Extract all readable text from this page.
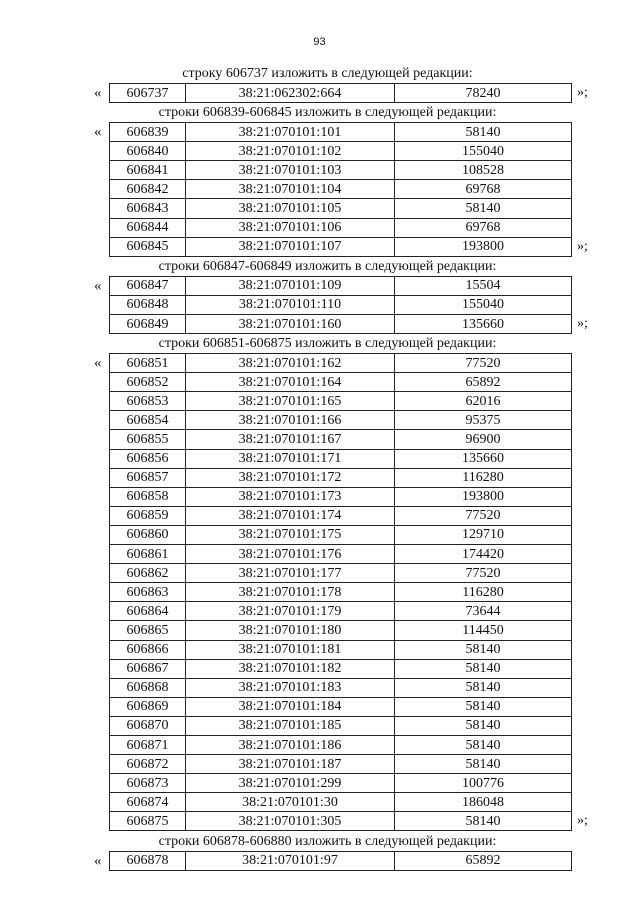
93
строку 606737 изложить в следующей редакции:
« 606737	38:21:062302:664	78240	»;
строки 606839-606845 изложить в следующей редакции:
« 606839	38:21:070101:101	58140
606840	38:21:070101:102	155040
606841	38:21:070101:103	108528
606842	38:21:070101:104	69768
606843	38:21:070101:105	58140
606844	38:21:070101:106	69768
606845	38:21:070101:107	193800	»;
строки 606847-606849 изложить в следующей редакции:
« 606847	38:21:070101:109	15504
606848	38:21:070101:110	155040
606849	38:21:070101:160	135660	»;
строки 606851-606875 изложить в следующей редакции:
« 606851	38:21:070101:162	77520
606852	38:21:070101:164	65892
606853	38:21:070101:165	62016
606854	38:21:070101:166	95375
606855	38:21:070101:167	96900
606856	38:21:070101:171	135660
606857	38:21:070101:172	116280
606858	38:21:070101:173	193800
606859	38:21:070101:174	77520
606860	38:21:070101:175	129710
606861	38:21:070101:176	174420
606862	38:21:070101:177	77520
606863	38:21:070101:178	116280
606864	38:21:070101:179	73644
606865	38:21:070101:180	114450
606866	38:21:070101:181	58140
606867	38:21:070101:182	58140
606868	38:21:070101:183	58140
606869	38:21:070101:184	58140
606870	38:21:070101:185	58140
606871	38:21:070101:186	58140
606872	38:21:070101:187	58140
606873	38:21:070101:299	100776
606874	38:21:070101:30	186048
606875	38:21:070101:305	58140	»;
строки 606878-606880 изложить в следующей редакции:
« 606878	38:21:070101:97	65892
